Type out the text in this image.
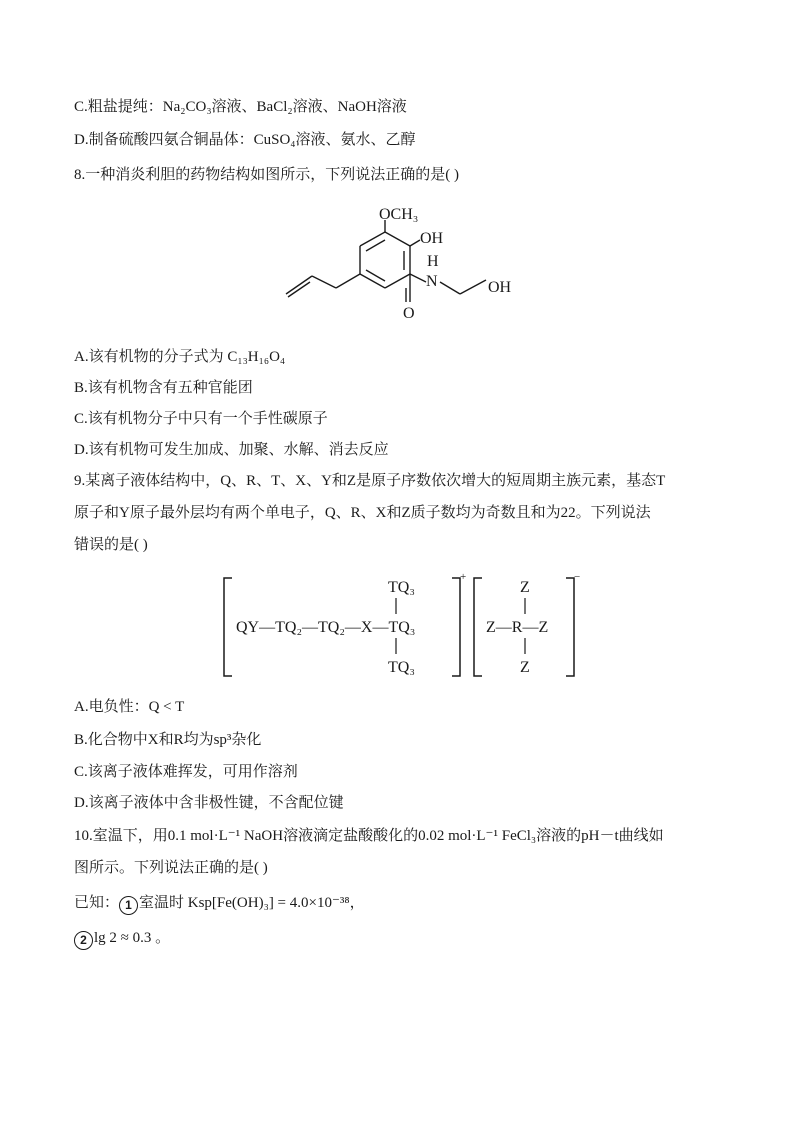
C.粗盐提纯：Na₂CO₃溶液、BaCl₂溶液、NaOH溶液
D.制备硫酸四氨合铜晶体：CuSO₄溶液、氨水、乙醇
8.一种消炎利胆的药物结构如图所示，下列说法正确的是( )
OCH₃
OH
O
H
N	OH
A.该有机物的分子式为 C₁₃H₁₆O₄
B.该有机物含有五种官能团
C.该有机物分子中只有一个手性碳原子
D.该有机物可发生加成、加聚、水解、消去反应
9.某离子液体结构中，Q、R、T、X、Y和Z是原子序数依次增大的短周期主族元素，基态T
原子和Y原子最外层均有两个单电子，Q、R、X和Z质子数均为奇数且和为22。下列说法
错误的是( )
+
TQ₃
QY—TQ₂—TQ₂—X—TQ₃
TQ₃
−
Z
Z—R—Z
Z
A.电负性：Q < T
B.化合物中X和R均为sp³杂化
C.该离子液体难挥发，可用作溶剂
D.该离子液体中含非极性键，不含配位键
10.室温下，用0.1 mol·L⁻¹ NaOH溶液滴定盐酸酸化的0.02 mol·L⁻¹ FeCl₃溶液的pH－t曲线如
图所示。下列说法正确的是( )
已知： 1 室温时 Ksp[Fe(OH)₃] = 4.0×10⁻³⁸，
2 lg 2 ≈ 0.3 。
